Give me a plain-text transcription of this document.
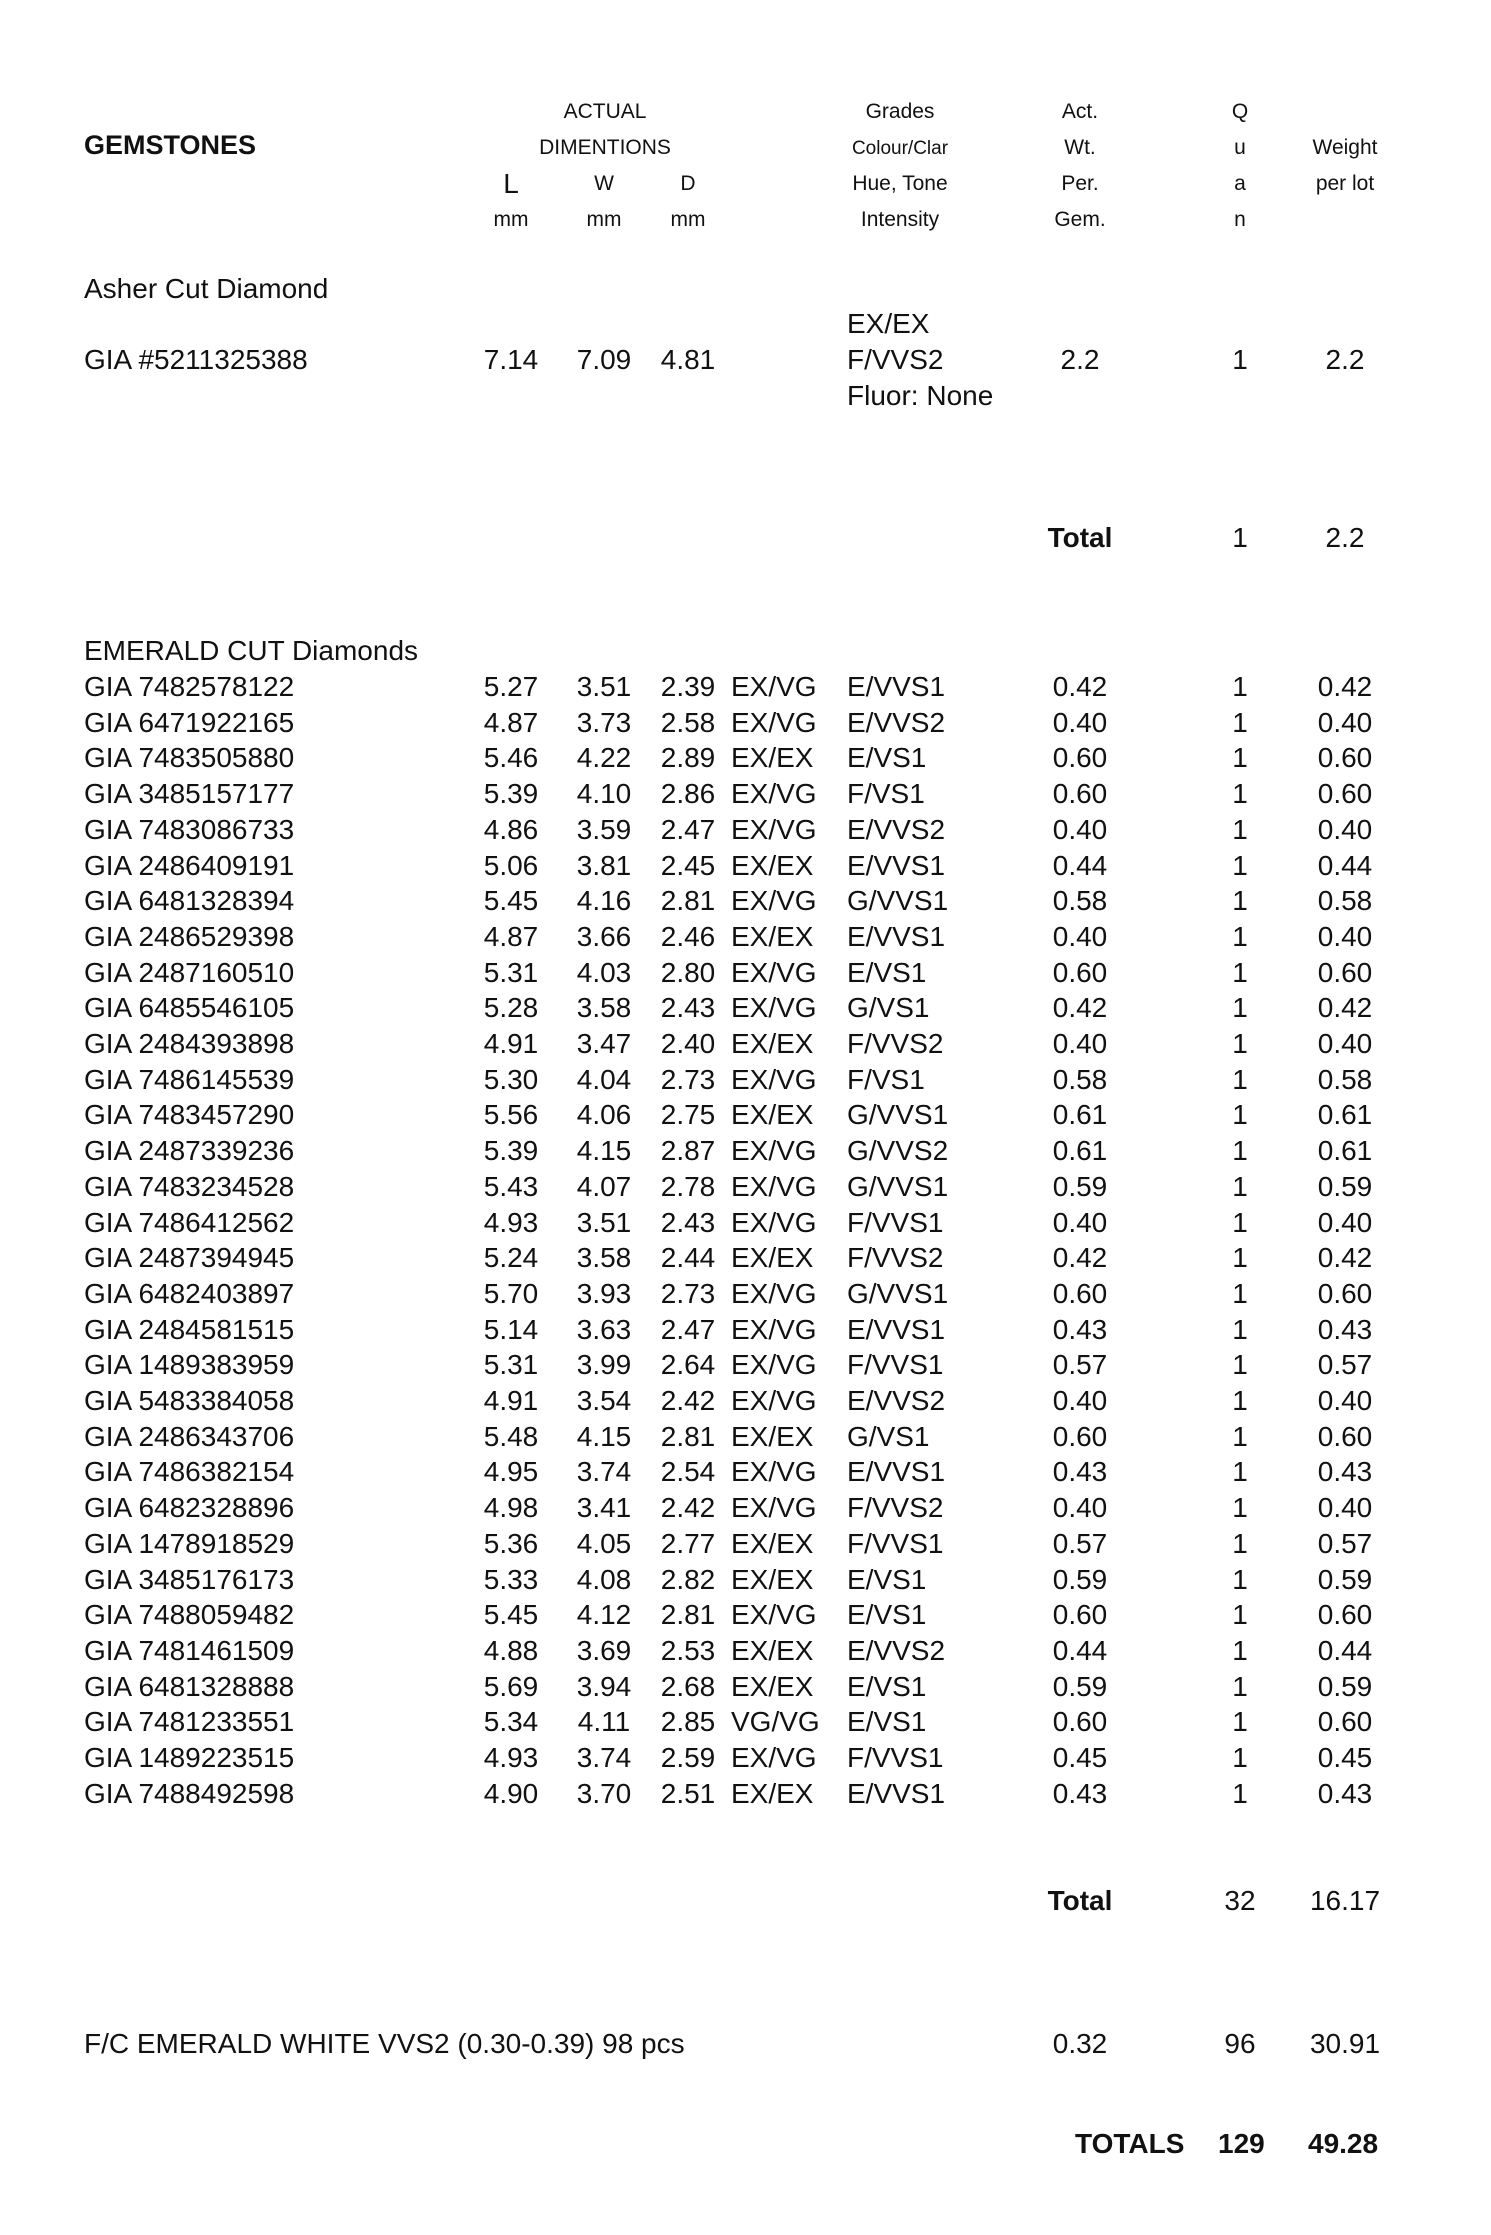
GEMSTONES
ACTUAL
DIMENTIONS
L	W	D
mm	mm	mm
Grades
Colour/Clar
Hue, Tone
Intensity
Act.
Wt.
Per.
Gem.
Q
u
a
n
Weight
per lot
Asher Cut Diamond
GIA #5211325388	7.14	7.09	4.81
EX/EX
F/VVS2
Fluor: None
2.2	1	2.2
Total	1	2.2
EMERALD CUT Diamonds
GIA 7482578122	5.27	3.51	2.39 EX/VG E/VVS1	0.42	1	0.42
GIA 6471922165	4.87	3.73	2.58 EX/VG E/VVS2	0.40	1	0.40
GIA 7483505880	5.46	4.22	2.89 EX/EX E/VS1	0.60	1	0.60
GIA 3485157177	5.39	4.10	2.86 EX/VG F/VS1	0.60	1	0.60
GIA 7483086733	4.86	3.59	2.47 EX/VG E/VVS2	0.40	1	0.40
GIA 2486409191	5.06	3.81	2.45 EX/EX E/VVS1	0.44	1	0.44
GIA 6481328394	5.45	4.16	2.81 EX/VG G/VVS1	0.58	1	0.58
GIA 2486529398	4.87	3.66	2.46 EX/EX E/VVS1	0.40	1	0.40
GIA 2487160510	5.31	4.03	2.80 EX/VG E/VS1	0.60	1	0.60
GIA 6485546105	5.28	3.58	2.43 EX/VG G/VS1	0.42	1	0.42
GIA 2484393898	4.91	3.47	2.40 EX/EX F/VVS2	0.40	1	0.40
GIA 7486145539	5.30	4.04	2.73 EX/VG F/VS1	0.58	1	0.58
GIA 7483457290	5.56	4.06	2.75 EX/EX G/VVS1	0.61	1	0.61
GIA 2487339236	5.39	4.15	2.87 EX/VG G/VVS2	0.61	1	0.61
GIA 7483234528	5.43	4.07	2.78 EX/VG G/VVS1	0.59	1	0.59
GIA 7486412562	4.93	3.51	2.43 EX/VG F/VVS1	0.40	1	0.40
GIA 2487394945	5.24	3.58	2.44 EX/EX F/VVS2	0.42	1	0.42
GIA 6482403897	5.70	3.93	2.73 EX/VG G/VVS1	0.60	1	0.60
GIA 2484581515	5.14	3.63	2.47 EX/VG E/VVS1	0.43	1	0.43
GIA 1489383959	5.31	3.99	2.64 EX/VG F/VVS1	0.57	1	0.57
GIA 5483384058	4.91	3.54	2.42 EX/VG E/VVS2	0.40	1	0.40
GIA 2486343706	5.48	4.15	2.81 EX/EX G/VS1	0.60	1	0.60
GIA 7486382154	4.95	3.74	2.54 EX/VG E/VVS1	0.43	1	0.43
GIA 6482328896	4.98	3.41	2.42 EX/VG F/VVS2	0.40	1	0.40
GIA 1478918529	5.36	4.05	2.77 EX/EX F/VVS1	0.57	1	0.57
GIA 3485176173	5.33	4.08	2.82 EX/EX E/VS1	0.59	1	0.59
GIA 7488059482	5.45	4.12	2.81 EX/VG E/VS1	0.60	1	0.60
GIA 7481461509	4.88	3.69	2.53 EX/EX E/VVS2	0.44	1	0.44
GIA 6481328888	5.69	3.94	2.68 EX/EX E/VS1	0.59	1	0.59
GIA 7481233551	5.34	4.11	2.85 VG/VG E/VS1	0.60	1	0.60
GIA 1489223515	4.93	3.74	2.59 EX/VG F/VVS1	0.45	1	0.45
GIA 7488492598	4.90	3.70	2.51 EX/EX E/VVS1	0.43	1	0.43
Total	32	16.17
F/C EMERALD WHITE VVS2 (0.30-0.39) 98 pcs	0.32	96	30.91
TOTALS 129 49.28
